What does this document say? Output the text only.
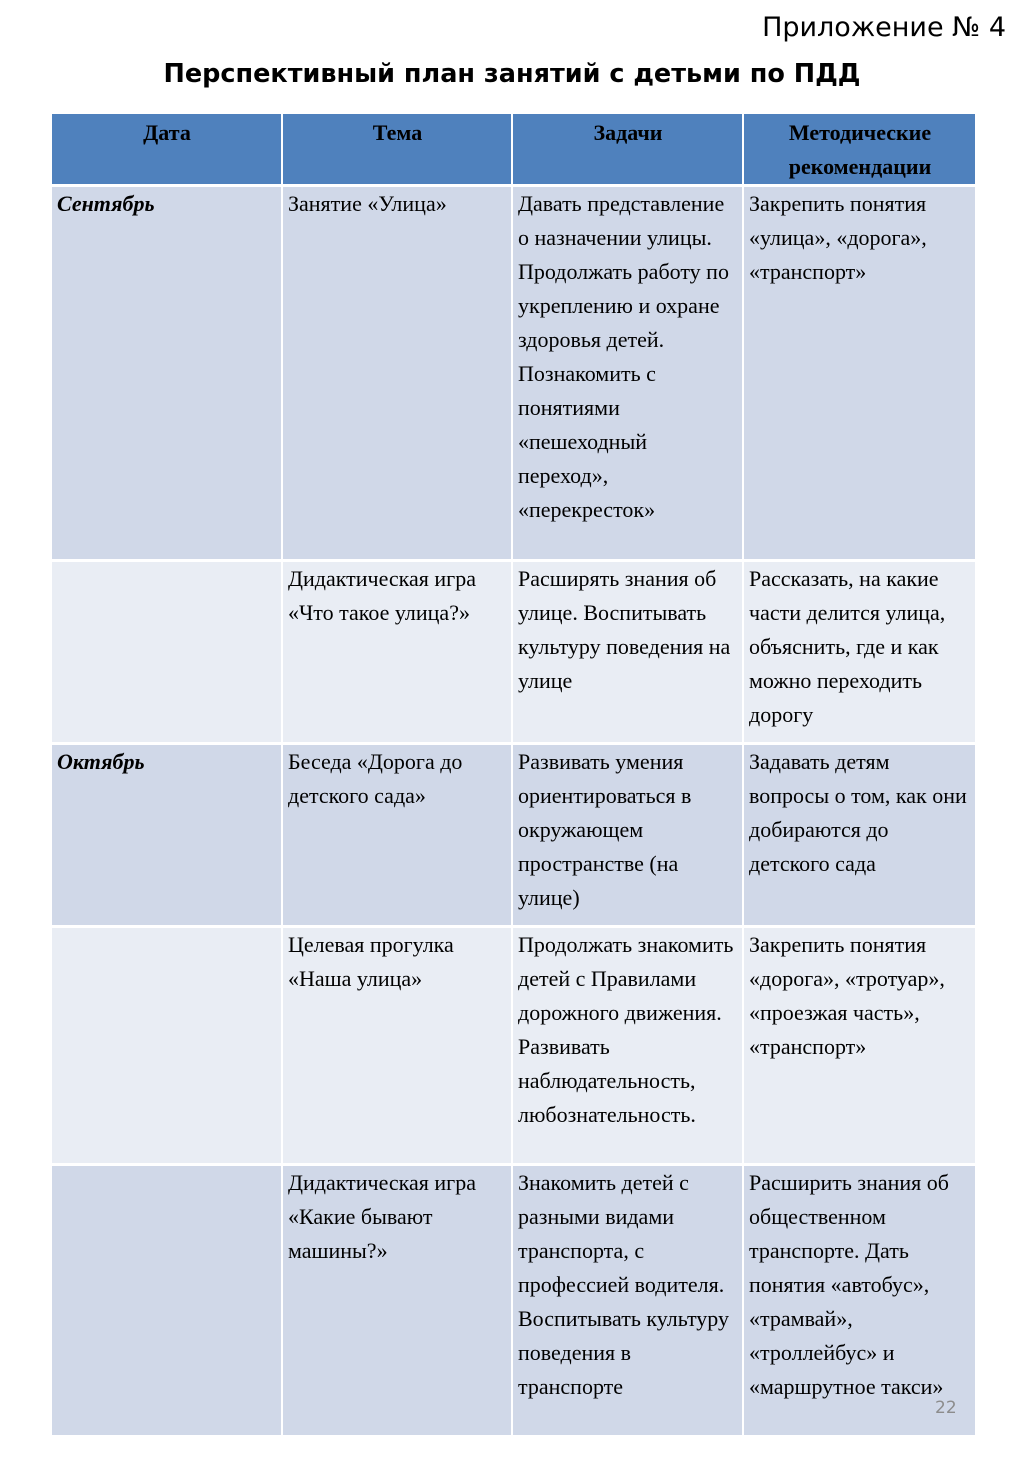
Приложение № 4
Перспективный план занятий с детьми по ПДД
Дата	Тема	Задачи	Методические рекомендации
Сентябрь	Занятие «Улица»	Давать представление о назначении улицы. Продолжать работу по укреплению и охране здоровья детей. Познакомить с понятиями «пешеходный переход», «перекресток»	Закрепить понятия «улица», «дорога», «транспорт»
	Дидактическая игра «Что такое улица?»	Расширять знания об улице. Воспитывать культуру поведения на улице	Рассказать, на какие части делится улица, объяснить, где и как можно переходить дорогу
Октябрь	Беседа «Дорога до детского сада»	Развивать умения ориентироваться в окружающем пространстве (на улице)	Задавать детям вопросы о том, как они добираются до детского сада
	Целевая прогулка «Наша улица»	Продолжать знакомить детей с Правилами дорожного движения. Развивать наблюдательность, любознательность.	Закрепить понятия «дорога», «тротуар», «проезжая часть», «транспорт»
	Дидактическая игра «Какие бывают машины?»	Знакомить детей с разными видами транспорта, с профессией водителя. Воспитывать культуру поведения в транспорте	Расширить знания об общественном транспорте. Дать понятия «автобус», «трамвай», «троллейбус» и «маршрутное такси»
22
